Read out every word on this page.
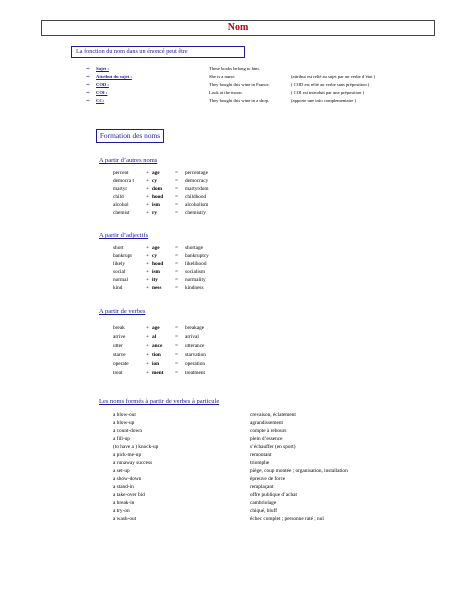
Nom
La fonction du nom dans un énoncé peut être
⇨ Sujet :	These books belong to him.
⇨ Attribut du sujet :	She is a nurse.	(attribut est relié au sujet par un verbe d’état )
⇨ COD :	They bought this wine in France.	( COD est relié au verbe sans préposition )
⇨ COI :	Look at the moon.	( COI est introduit par une préposition )
⇨ CC:	They bought this wine in a shop.	(apporte une info complementaire )
Formation des noms
A partir d’autres noms
percent	+ age	= percentage
democra t + cy	= democracy
martyr	+ dom = martyrdom
child	+ hood = childhood
alcohol	+ ism	= alcoholism
chemist	+ ry	= chemistry
A partir d’adjectifs
short	+ age	= shortage
bankrupt	+ cy	= bankruptcy
likely	+ hood = likelihood
social	+ ism	= socialism
normal	+ ity	= normality
kind	+ ness	= kindness
A partir de verbes
break	+ age	= breakage
arrive	+ al	= arrival
utter	+ ance = utterance
starve	+ tion	= starvation
operate	+ ion	= operation
treat	+ ment = treatment
Les noms formés à partir de verbes à particule
a blow-out	crevaison, éclatement
a blow-up	agrandissement
a count-down	compte à rebours
a fill-up	plein d’essence
(to have a ) knock-up	s’échauffer (en sport)
a pick-me-up	remontant
a runaway success	triomphe
a set-up	piège, coup montée ; organisation, installation
a show-down	épreuve de force
a stand-in	remplaçant
a take-over bid	offre publique d’achat
a break-in	cambriolage
a try-on	chiqué, bluff
a wash-out	échec complet ; personne raté ; nul
